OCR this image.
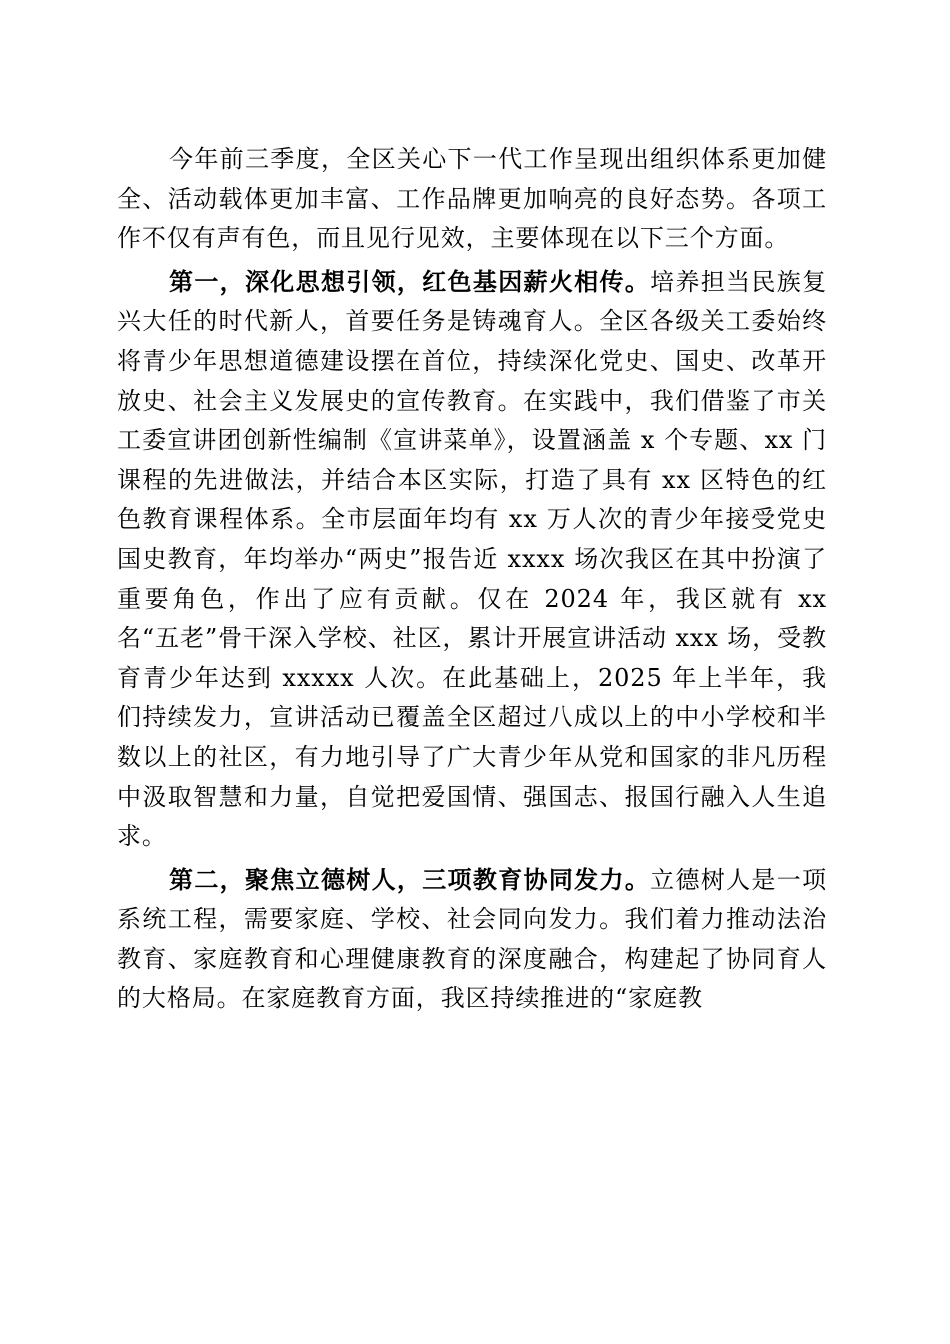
今年前三季度，全区关心下一代工作呈现出组织体系更加健全、活动载体更加丰富、工作品牌更加响亮的良好态势。各项工作不仅有声有色，而且见行见效，主要体现在以下三个方面。

第一，深化思想引领，红色基因薪火相传。培养担当民族复兴大任的时代新人，首要任务是铸魂育人。全区各级关工委始终将青少年思想道德建设摆在首位，持续深化党史、国史、改革开放史、社会主义发展史的宣传教育。在实践中，我们借鉴了市关工委宣讲团创新性编制《宣讲菜单》，设置涵盖 x 个专题、xx 门课程的先进做法，并结合本区实际，打造了具有 xx 区特色的红色教育课程体系。全市层面年均有 xx 万人次的青少年接受党史国史教育，年均举办“两史”报告近 xxxx 场次我区在其中扮演了重要角色，作出了应有贡献。仅在 2024 年，我区就有 xx 名“五老”骨干深入学校、社区，累计开展宣讲活动 xxx 场，受教育青少年达到 xxxxx 人次。在此基础上，2025 年上半年，我们持续发力，宣讲活动已覆盖全区超过八成以上的中小学校和半数以上的社区，有力地引导了广大青少年从党和国家的非凡历程中汲取智慧和力量，自觉把爱国情、强国志、报国行融入人生追求。

第二，聚焦立德树人，三项教育协同发力。立德树人是一项系统工程，需要家庭、学校、社会同向发力。我们着力推动法治教育、家庭教育和心理健康教育的深度融合，构建起了协同育人的大格局。在家庭教育方面，我区持续推进的“家庭教
